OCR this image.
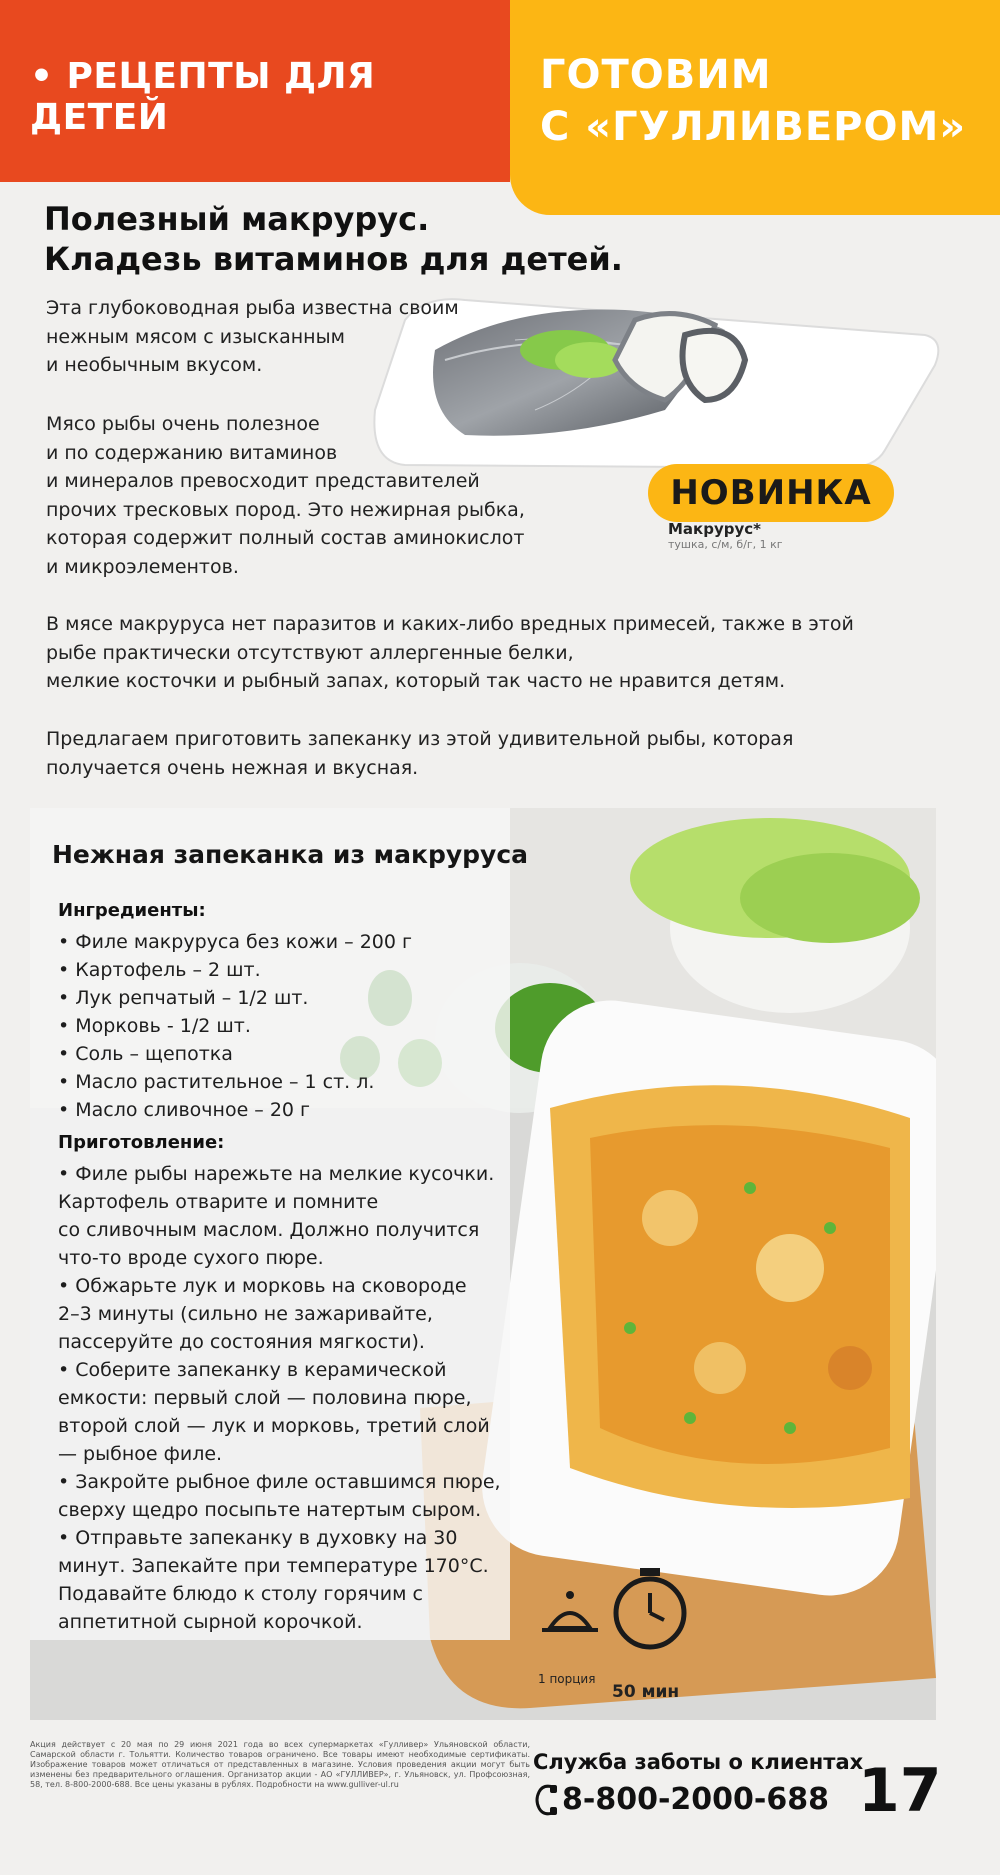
• РЕЦЕПТЫ ДЛЯ ДЕТЕЙ
ГОТОВИМ
С «ГУЛЛИВЕРОМ»
Полезный макрурус.
Кладезь витаминов для детей.
НОВИНКА
Макрурус*
тушка, с/м, б/г, 1 кг

Эта глубоководная рыба известна своим
нежным мясом с изысканным
и необычным вкусом.

Мясо рыбы очень полезное
и по содержанию витаминов
и минералов превосходит представителей
прочих тресковых пород. Это нежирная рыбка,
которая содержит полный состав аминокислот
и микроэлементов.

В мясе макруруса нет паразитов и каких-либо вредных примесей, также в этой
рыбе практически отсутствуют аллергенные белки,
мелкие косточки и рыбный запах, который так часто не нравится детям.

Предлагаем приготовить запеканку из этой удивительной рыбы, которая
получается очень нежная и вкусная.

Нежная запеканка из макруруса
Ингредиенты:
• Филе макруруса без кожи – 200 г
• Картофель – 2 шт.
• Лук репчатый – 1/2 шт.
• Морковь - 1/2 шт.
• Соль – щепотка
• Масло растительное – 1 ст. л.
• Масло сливочное – 20 г
Приготовление:
• Филе рыбы нарежьте на мелкие кусочки.
Картофель отварите и помните
со сливочным маслом. Должно получится
что-то вроде сухого пюре.
• Обжарьте лук и морковь на сковороде
2–3 минуты (сильно не зажаривайте,
пассеруйте до состояния мягкости).
• Соберите запеканку в керамической
емкости: первый слой — половина пюре,
второй слой — лук и морковь, третий слой
— рыбное филе.
• Закройте рыбное филе оставшимся пюре,
сверху щедро посыпьте натертым сыром.
• Отправьте запеканку в духовку на 30
минут. Запекайте при температуре 170°С.
Подавайте блюдо к столу горячим с
аппетитной сырной корочкой.
1 порция
50 мин
Акция действует с 20 мая по 29 июня 2021 года во всех супермаркетах «Гулливер» Ульяновской области, Самарской области г. Тольятти. Количество товаров ограничено. Все товары имеют необходимые сертификаты. Изображение товаров может отличаться от представленных в магазине. Условия проведения акции могут быть изменены без предварительного оглашения. Организатор акции - АО «ГУЛЛИВЕР», г. Ульяновск, ул. Профсоюзная, 58, тел. 8-800-2000-688. Все цены указаны в рублях. Подробности на www.gulliver-ul.ru
Служба заботы о клиентах
8-800-2000-688 17
